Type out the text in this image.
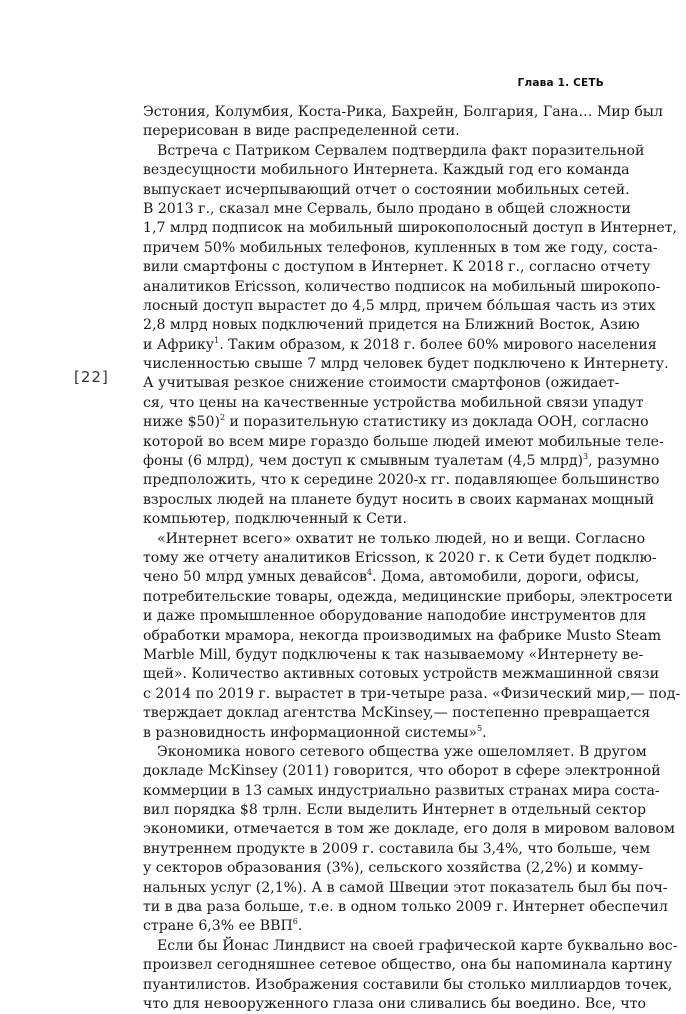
Глава 1. СЕТЬ
[22]
Эстония, Колумбия, Коста-Рика, Бахрейн, Болгария, Гана… Мир был
перерисован в виде распределенной сети.
Встреча с Патриком Сервалем подтвердила факт поразительной
вездесущности мобильного Интернета. Каждый год его команда
выпускает исчерпывающий отчет о состоянии мобильных сетей.
В 2013 г., сказал мне Серваль, было продано в общей сложности
1,7 млрд подписок на мобильный широкополосный доступ в Интернет,
причем 50% мобильных телефонов, купленных в том же году, соста-
вили смартфоны с доступом в Интернет. К 2018 г., согласно отчету
аналитиков Ericsson, количество подписок на мобильный широкопо-
лосный доступ вырастет до 4,5 млрд, причем бóльшая часть из этих
2,8 млрд новых подключений придется на Ближний Восток, Азию
и Африку$^1$. Таким образом, к 2018 г. более 60% мирового населения
численностью свыше 7 млрд человек будет подключено к Интернету.
А учитывая резкое снижение стоимости смартфонов (ожидает-
ся, что цены на качественные устройства мобильной связи упадут
ниже $50)$^2$ и поразительную статистику из доклада ООН, согласно
которой во всем мире гораздо больше людей имеют мобильные теле-
фоны (6 млрд), чем доступ к смывным туалетам (4,5 млрд)$^3$, разумно
предположить, что к середине 2020-х гг. подавляющее большинство
взрослых людей на планете будут носить в своих карманах мощный
компьютер, подключенный к Сети.
«Интернет всего» охватит не только людей, но и вещи. Согласно
тому же отчету аналитиков Ericsson, к 2020 г. к Сети будет подклю-
чено 50 млрд умных девайсов$^4$. Дома, автомобили, дороги, офисы,
потребительские товары, одежда, медицинские приборы, электросети
и даже промышленное оборудование наподобие инструментов для
обработки мрамора, некогда производимых на фабрике Musto Steam
Marble Mill, будут подключены к так называемому «Интернету ве-
щей». Количество активных сотовых устройств межмашинной связи
с 2014 по 2019 г. вырастет в три-четыре раза. «Физический мир,— под-
тверждает доклад агентства McKinsey,— постепенно превращается
в разновидность информационной системы»$^5$.
Экономика нового сетевого общества уже ошеломляет. В другом
докладе McKinsey (2011) говорится, что оборот в сфере электронной
коммерции в 13 самых индустриально развитых странах мира соста-
вил порядка $8 трлн. Если выделить Интернет в отдельный сектор
экономики, отмечается в том же докладе, его доля в мировом валовом
внутреннем продукте в 2009 г. составила бы 3,4%, что больше, чем
у секторов образования (3%), сельского хозяйства (2,2%) и комму-
нальных услуг (2,1%). А в самой Швеции этот показатель был бы поч-
ти в два раза больше, т.е. в одном только 2009 г. Интернет обеспечил
стране 6,3% ее ВВП$^6$.
Если бы Йонас Линдвист на своей графической карте буквально вос-
произвел сегодняшнее сетевое общество, она бы напоминала картину
пуантилистов. Изображения составили бы столько миллиардов точек,
что для невооруженного глаза они сливались бы воедино. Все, что
